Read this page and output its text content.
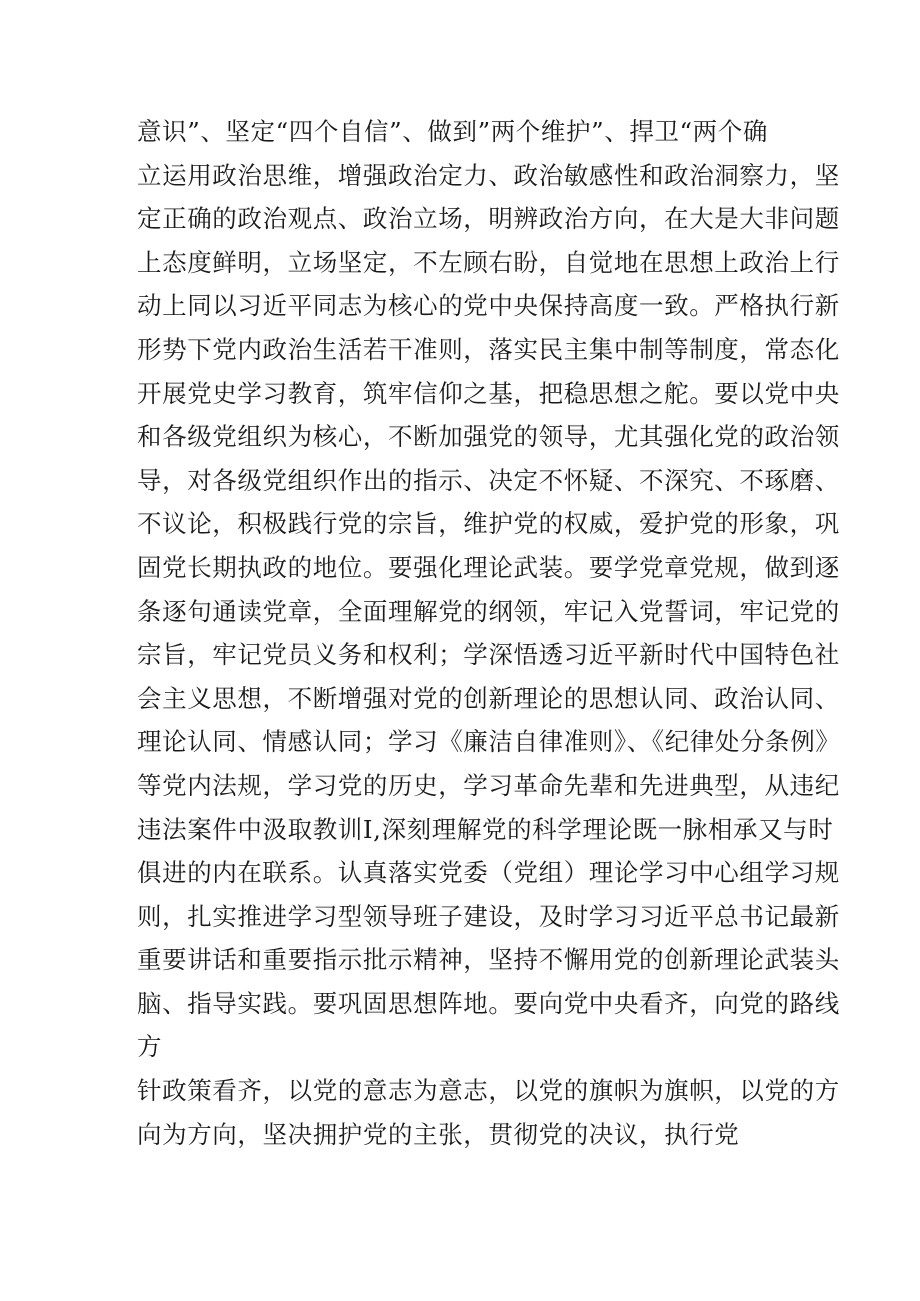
意识”、坚定“四个自信”、做到”两个维护”、捍卫“两个确
立运用政治思维，增强政治定力、政治敏感性和政治洞察力，坚
定正确的政治观点、政治立场，明辨政治方向，在大是大非问题
上态度鲜明，立场坚定，不左顾右盼，自觉地在思想上政治上行
动上同以习近平同志为核心的党中央保持高度一致。严格执行新
形势下党内政治生活若干准则，落实民主集中制等制度，常态化
开展党史学习教育，筑牢信仰之基，把稳思想之舵。要以党中央
和各级党组织为核心，不断加强党的领导，尤其强化党的政治领
导，对各级党组织作出的指示、决定不怀疑、不深究、不琢磨、
不议论，积极践行党的宗旨，维护党的权威，爱护党的形象，巩
固党长期执政的地位。要强化理论武装。要学党章党规，做到逐
条逐句通读党章，全面理解党的纲领，牢记入党誓词，牢记党的
宗旨，牢记党员义务和权利；学深悟透习近平新时代中国特色社
会主义思想，不断增强对党的创新理论的思想认同、政治认同、
理论认同、情感认同；学习《廉洁自律准则》、《纪律处分条例》
等党内法规，学习党的历史，学习革命先辈和先进典型，从违纪
违法案件中汲取教训I,深刻理解党的科学理论既一脉相承又与时
俱进的内在联系。认真落实党委（党组）理论学习中心组学习规
则，扎实推进学习型领导班子建设，及时学习习近平总书记最新
重要讲话和重要指示批示精神，坚持不懈用党的创新理论武装头
脑、指导实践。要巩固思想阵地。要向党中央看齐，向党的路线
方
针政策看齐，以党的意志为意志，以党的旗帜为旗帜，以党的方
向为方向，坚决拥护党的主张，贯彻党的决议，执行党
